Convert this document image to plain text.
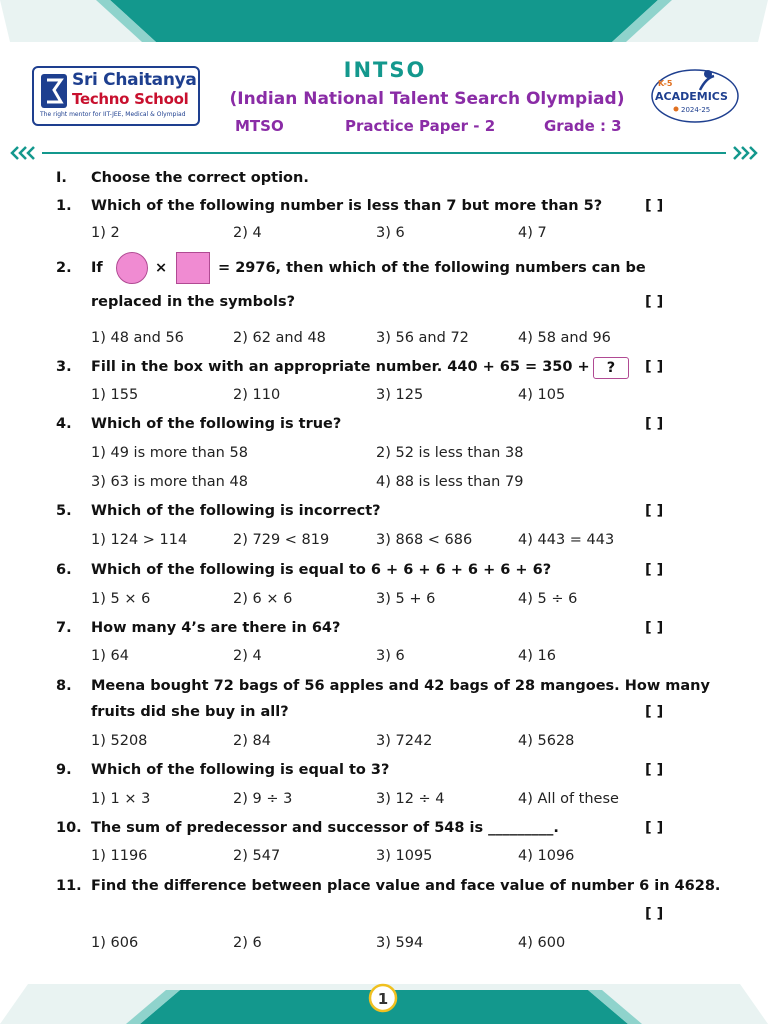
Sri Chaitanya
Techno School
The right mentor for IIT-JEE, Medical & Olympiad
INTSO
(Indian National Talent Search Olympiad)
MTSO	Practice Paper - 2	Grade : 3
K-5
ACADEMICS
2024-25
I. Choose the correct option.
1. Which of the following number is less than 7 but more than 5?	[ ]
1) 2	2) 4	3) 6	4) 7
2. If	×	= 2976, then which of the following numbers can be
replaced in the symbols?	[ ]
1) 48 and 56	2) 62 and 48	3) 56 and 72	4) 58 and 96
3. Fill in the box with an appropriate number. 440 + 65 = 350 +	?	[ ]
1) 155	2) 110	3) 125	4) 105
4. Which of the following is true?	[ ]
1) 49 is more than 58	2) 52 is less than 38
3) 63 is more than 48	4) 88 is less than 79
5. Which of the following is incorrect?	[ ]
1) 124 > 114	2) 729 < 819	3) 868 < 686	4) 443 = 443
6. Which of the following is equal to 6 + 6 + 6 + 6 + 6 + 6?	[ ]
1) 5 × 6	2) 6 × 6	3) 5 + 6	4) 5 ÷ 6
7. How many 4’s are there in 64?	[ ]
1) 64	2) 4	3) 6	4) 16
8. Meena bought 72 bags of 56 apples and 42 bags of 28 mangoes. How many
fruits did she buy in all?	[ ]
1) 5208	2) 84	3) 7242	4) 5628
9. Which of the following is equal to 3?	[ ]
1) 1 × 3	2) 9 ÷ 3	3) 12 ÷ 4	4) All of these
10. The sum of predecessor and successor of 548 is _________.	[ ]
1) 1196	2) 547	3) 1095	4) 1096
11. Find the difference between place value and face value of number 6 in 4628.
[ ]
1) 606	2) 6	3) 594	4) 600
1
